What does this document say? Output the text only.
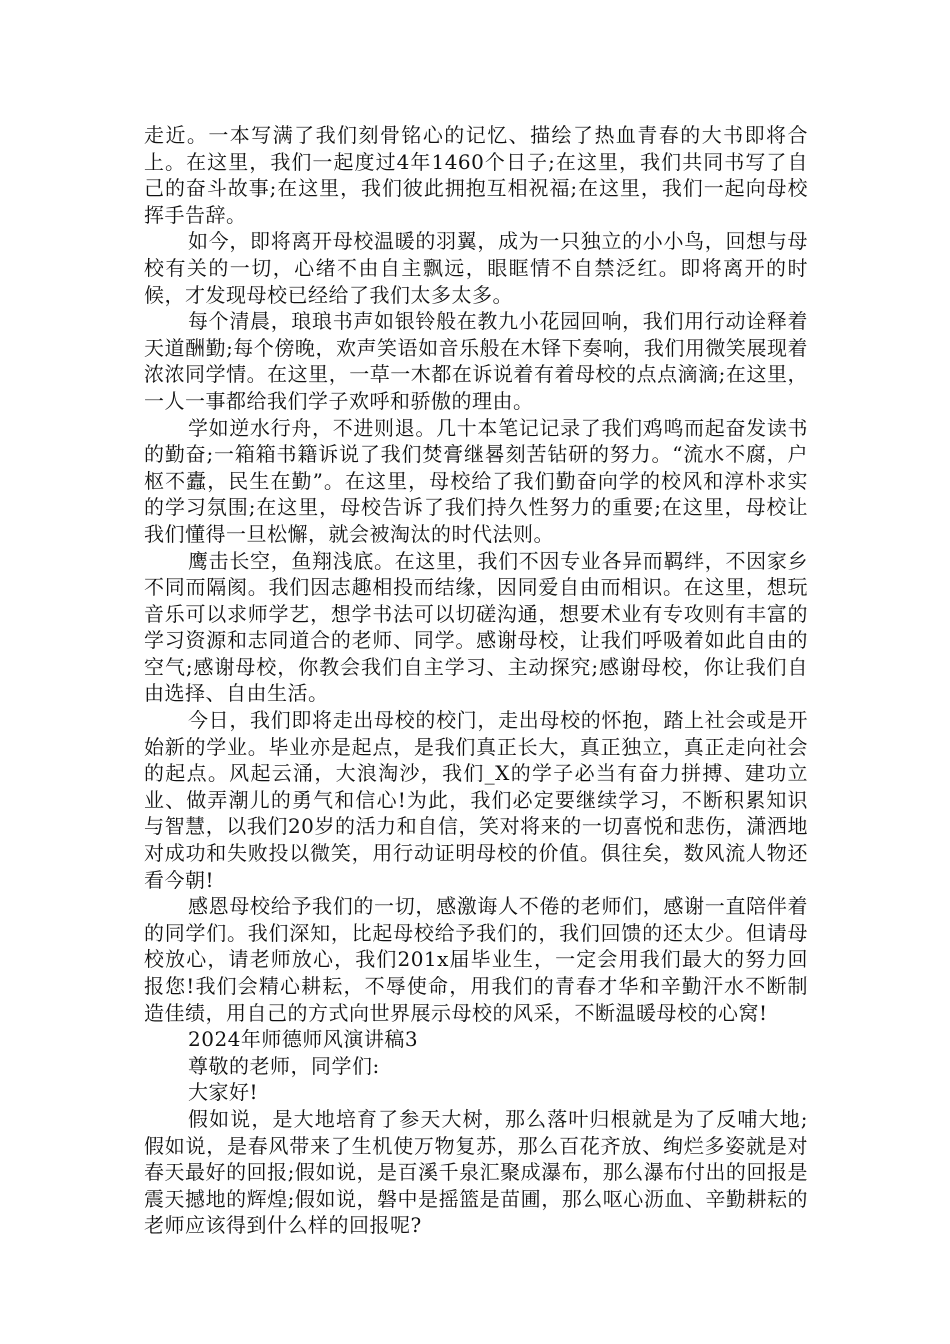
走近。一本写满了我们刻骨铭心的记忆、描绘了热血青春的大书即将合上。在这里，我们一起度过4年1460个日子;在这里，我们共同书写了自己的奋斗故事;在这里，我们彼此拥抱互相祝福;在这里，我们一起向母校挥手告辞。

如今，即将离开母校温暖的羽翼，成为一只独立的小小鸟，回想与母校有关的一切，心绪不由自主飘远，眼眶情不自禁泛红。即将离开的时候，才发现母校已经给了我们太多太多。

每个清晨，琅琅书声如银铃般在教九小花园回响，我们用行动诠释着天道酬勤;每个傍晚，欢声笑语如音乐般在木铎下奏响，我们用微笑展现着浓浓同学情。在这里，一草一木都在诉说着有着母校的点点滴滴;在这里，一人一事都给我们学子欢呼和骄傲的理由。

学如逆水行舟，不进则退。几十本笔记记录了我们鸡鸣而起奋发读书的勤奋;一箱箱书籍诉说了我们焚膏继晷刻苦钻研的努力。“流水不腐，户枢不蠹，民生在勤”。在这里，母校给了我们勤奋向学的校风和淳朴求实的学习氛围;在这里，母校告诉了我们持久性努力的重要;在这里，母校让我们懂得一旦松懈，就会被淘汰的时代法则。

鹰击长空，鱼翔浅底。在这里，我们不因专业各异而羁绊，不因家乡不同而隔阂。我们因志趣相投而结缘，因同爱自由而相识。在这里，想玩音乐可以求师学艺，想学书法可以切磋沟通，想要术业有专攻则有丰富的学习资源和志同道合的老师、同学。感谢母校，让我们呼吸着如此自由的空气;感谢母校，你教会我们自主学习、主动探究;感谢母校，你让我们自由选择、自由生活。

今日，我们即将走出母校的校门，走出母校的怀抱，踏上社会或是开始新的学业。毕业亦是起点，是我们真正长大，真正独立，真正走向社会的起点。风起云涌，大浪淘沙，我们_X的学子必当有奋力拼搏、建功立业、做弄潮儿的勇气和信心!为此，我们必定要继续学习，不断积累知识与智慧，以我们20岁的活力和自信，笑对将来的一切喜悦和悲伤，潇洒地对成功和失败投以微笑，用行动证明母校的价值。俱往矣，数风流人物还看今朝!

感恩母校给予我们的一切，感激诲人不倦的老师们，感谢一直陪伴着的同学们。我们深知，比起母校给予我们的，我们回馈的还太少。但请母校放心，请老师放心，我们201x届毕业生，一定会用我们最大的努力回报您!我们会精心耕耘，不辱使命，用我们的青春才华和辛勤汗水不断制造佳绩，用自己的方式向世界展示母校的风采，不断温暖母校的心窝!

2024年师德师风演讲稿3

尊敬的老师，同学们:

大家好!

假如说，是大地培育了参天大树，那么落叶归根就是为了反哺大地;假如说，是春风带来了生机使万物复苏，那么百花齐放、绚烂多姿就是对春天最好的回报;假如说，是百溪千泉汇聚成瀑布，那么瀑布付出的回报是震天撼地的辉煌;假如说，磐中是摇篮是苗圃，那么呕心沥血、辛勤耕耘的老师应该得到什么样的回报呢?
